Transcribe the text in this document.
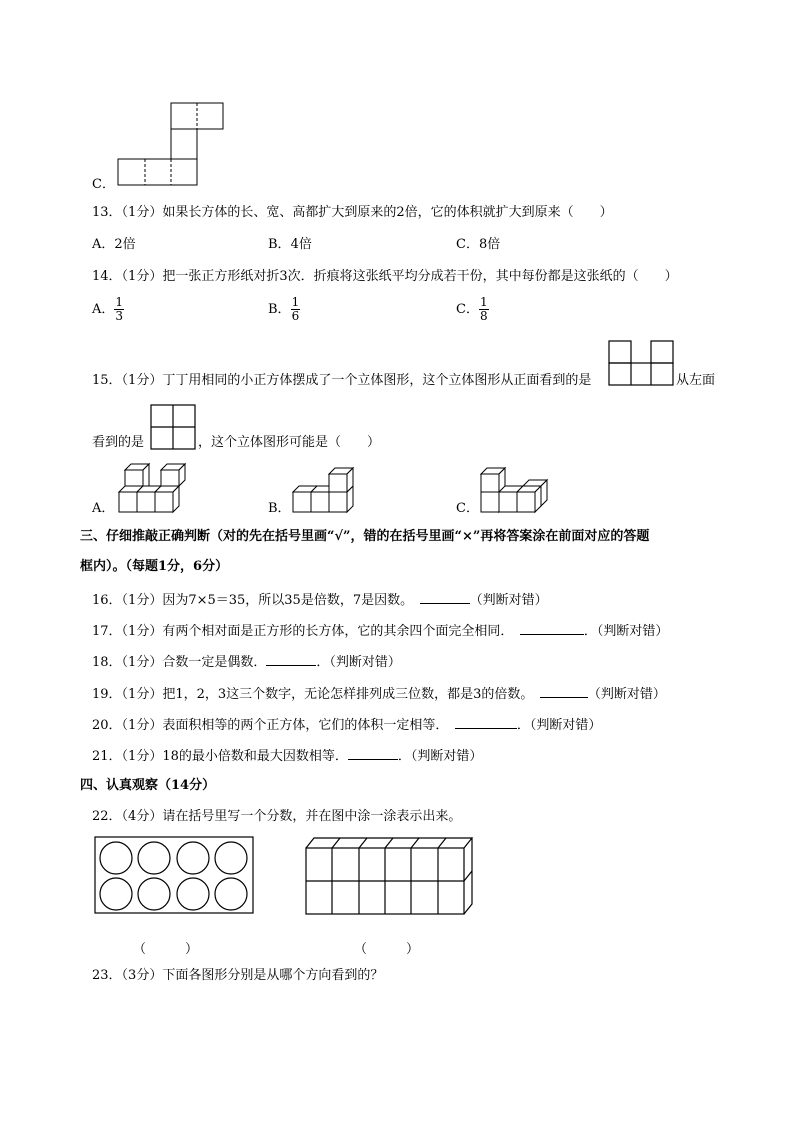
C．
13．（1分）如果长方体的长、宽、高都扩大到原来的2倍，它的体积就扩大到原来（　　）
A．2倍	B．4倍	C．8倍
14．（1分）把一张正方形纸对折3次．折痕将这张纸平均分成若干份，其中每份都是这张纸的（　　）
A． $\frac{1}{3}$	B． $\frac{1}{6}$	C． $\frac{1}{8}$
15．（1分）丁丁用相同的小正方体摆成了一个立体图形，这个立体图形从正面看到的是	从左面
看到的是	，这个立体图形可能是（　　）
A．	B．	C．
三、仔细推敲正确判断（对的先在括号里画“√”，错的在括号里画“×”再将答案涂在前面对应的答题
框内）。（每题1分，6分）
16．（1分）因为7×5＝35，所以35是倍数，7是因数。　	（判断对错）
17．（1分）有两个相对面是正方形的长方体，它的其余四个面完全相同．　	．（判断对错）
18．（1分）合数一定是偶数．	．（判断对错）
19．（1分）把1，2，3这三个数字，无论怎样排列成三位数，都是3的倍数。　	（判断对错）
20．（1分）表面积相等的两个正方体，它们的体积一定相等．　	．（判断对错）
21．（1分）18的最小倍数和最大因数相等．	．（判断对错）
四、认真观察（14分）
22．（4分）请在括号里写一个分数，并在图中涂一涂表示出来。
（　　　）	（　　　）
23．（3分）下面各图形分别是从哪个方向看到的？
